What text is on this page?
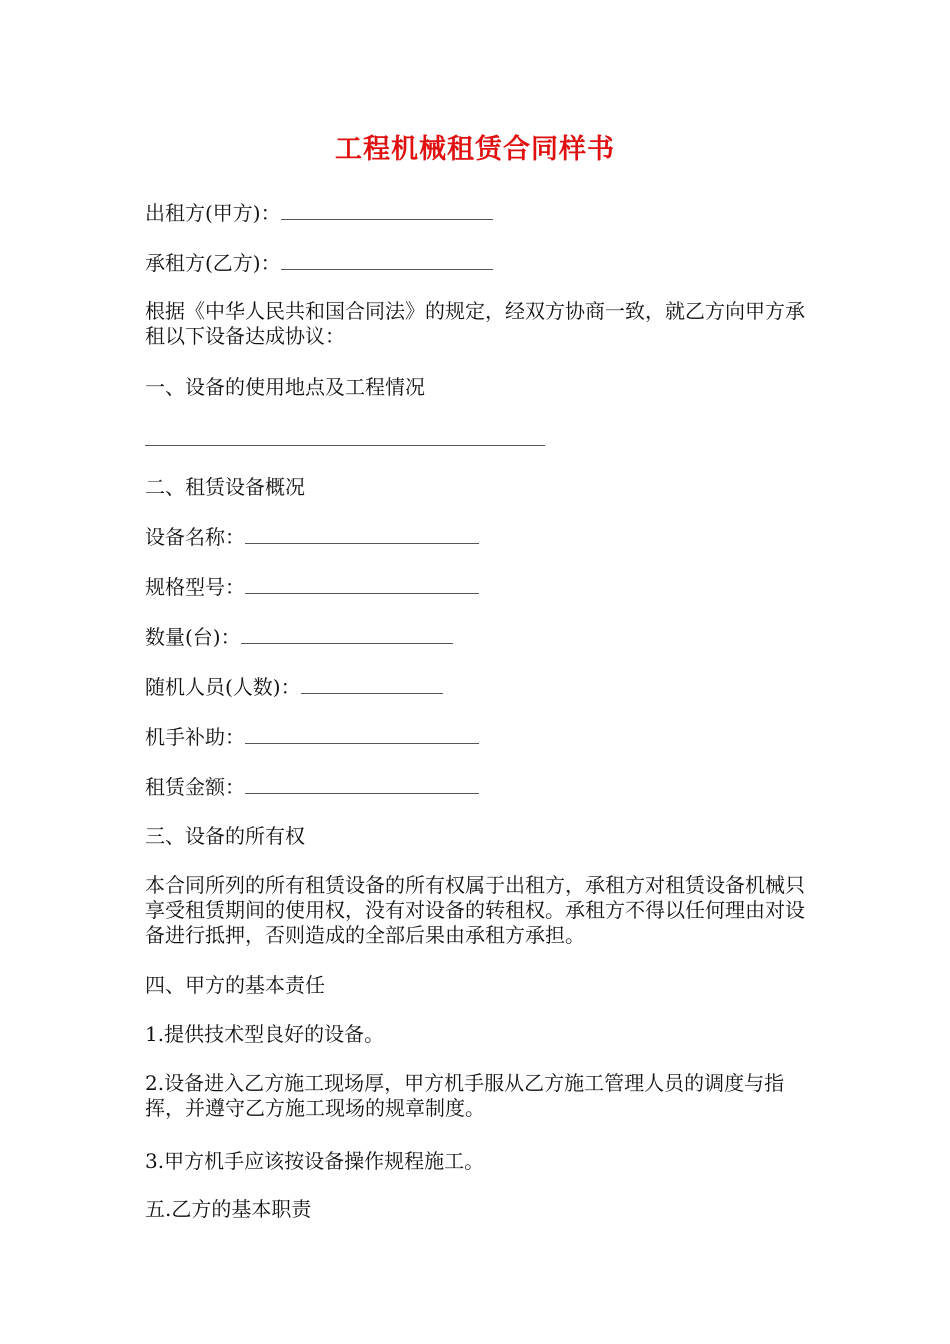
工程机械租赁合同样书
出租方(甲方)：
承租方(乙方)：
根据《中华人民共和国合同法》的规定，经双方协商一致，就乙方向甲方承租以下设备达成协议：
一、设备的使用地点及工程情况
二、租赁设备概况
设备名称：
规格型号：
数量(台)：
随机人员(人数)：
机手补助：
租赁金额：
三、设备的所有权
本合同所列的所有租赁设备的所有权属于出租方，承租方对租赁设备机械只享受租赁期间的使用权，没有对设备的转租权。承租方不得以任何理由对设备进行抵押，否则造成的全部后果由承租方承担。
四、甲方的基本责任
1.提供技术型良好的设备。
2.设备进入乙方施工现场厚，甲方机手服从乙方施工管理人员的调度与指挥，并遵守乙方施工现场的规章制度。
3.甲方机手应该按设备操作规程施工。
五.乙方的基本职责
